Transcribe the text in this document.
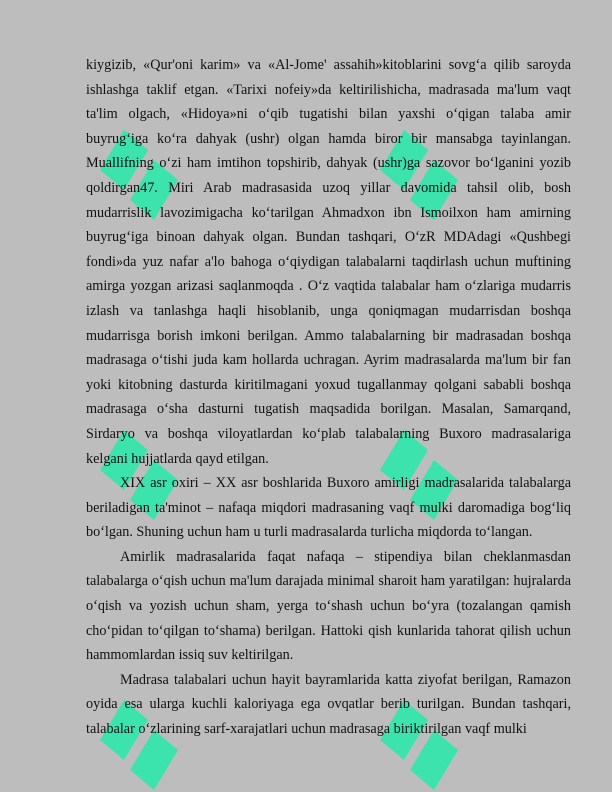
kiygizib, «Qur'oni karim» va «Al-Jome' assahih»kitoblarini sovg‘a qilib saroyda ishlashga taklif etgan. «Tarixi nofeiy»da keltirilishicha, madrasada ma'lum vaqt ta'lim olgach, «Hidoya»ni o‘qib tugatishi bilan yaxshi o‘qigan talaba amir buyrug‘iga ko‘ra dahyak (ushr) olgan hamda biror bir mansabga tayinlangan. Muallifning o‘zi ham imtihon topshirib, dahyak (ushr)ga sazovor bo‘lganini yozib qoldirgan47. Miri Arab madrasasida uzoq yillar davomida tahsil olib, bosh mudarrislik lavozimigacha ko‘tarilgan Ahmadxon ibn Ismoilxon ham amirning buyrug‘iga binoan dahyak olgan. Bundan tashqari, O‘zR MDAdagi «Qushbegi fondi»da yuz nafar a'lo bahoga o‘qiydigan talabalarni taqdirlash uchun muftining amirga yozgan arizasi saqlanmoqda . O‘z vaqtida talabalar ham o‘zlariga mudarris izlash va tanlashga haqli hisoblanib, unga qoniqmagan mudarrisdan boshqa mudarrisga borish imkoni berilgan. Ammo talabalarning bir madrasadan boshqa madrasaga o‘tishi juda kam hollarda uchragan. Ayrim madrasalarda ma'lum bir fan yoki kitobning dasturda kiritilmagani yoxud tugallanmay qolgani sababli boshqa madrasaga o‘sha dasturni tugatish maqsadida borilgan. Masalan, Samarqand, Sirdaryo va boshqa viloyatlardan ko‘plab talabalarning Buxoro madrasalariga kelgani hujjatlarda qayd etilgan.

XIX asr oxiri – XX asr boshlarida Buxoro amirligi madrasalarida talabalarga beriladigan ta'minot – nafaqa miqdori madrasaning vaqf mulki daromadiga bog‘liq bo‘lgan. Shuning uchun ham u turli madrasalarda turlicha miqdorda to‘langan.

Amirlik madrasalarida faqat nafaqa – stipendiya bilan cheklanmasdan talabalarga o‘qish uchun ma'lum darajada minimal sharoit ham yaratilgan: hujralarda o‘qish va yozish uchun sham, yerga to‘shash uchun bo‘yra (tozalangan qamish cho‘pidan to‘qilgan to‘shama) berilgan. Hattoki qish kunlarida tahorat qilish uchun hammomlardan issiq suv keltirilgan.

Madrasa talabalari uchun hayit bayramlarida katta ziyofat berilgan, Ramazon oyida esa ularga kuchli kaloriyaga ega ovqatlar berib turilgan. Bundan tashqari, talabalar o‘zlarining sarf-xarajatlari uchun madrasaga biriktirilgan vaqf mulki
